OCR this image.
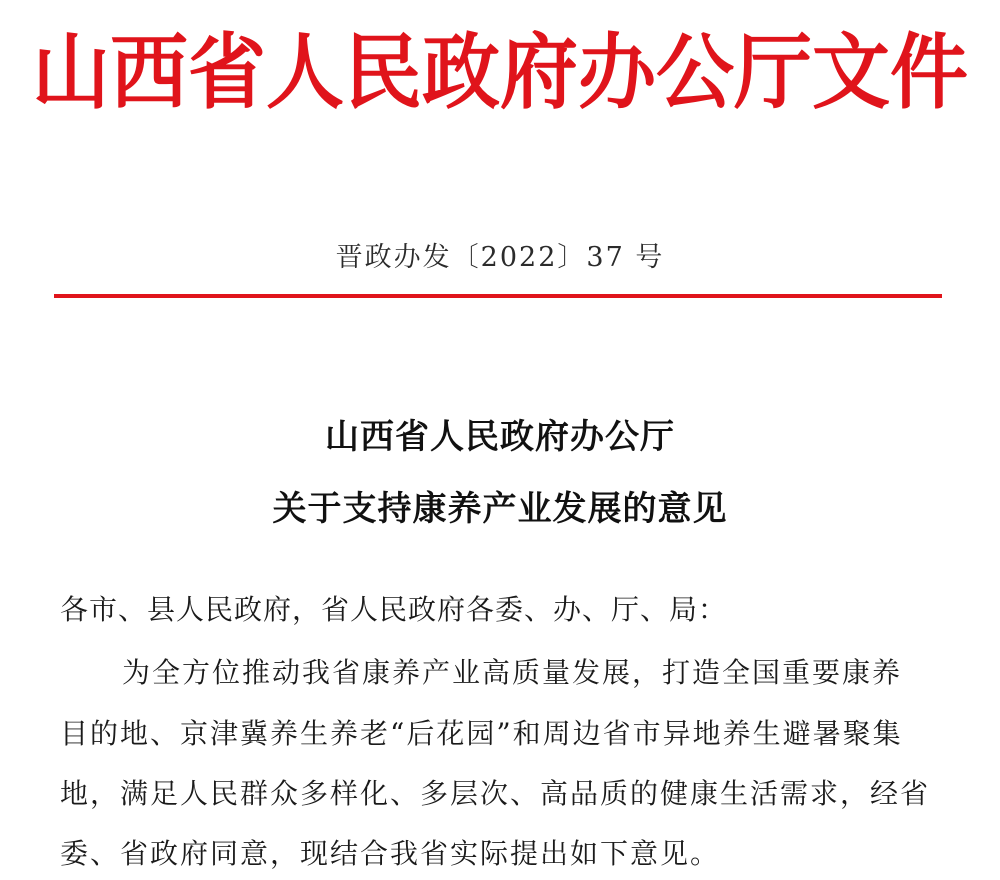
山西省人民政府办公厅文件
晋政办发〔2022〕37 号
山西省人民政府办公厅
关于支持康养产业发展的意见
各市、县人民政府，省人民政府各委、办、厅、局：
为全方位推动我省康养产业高质量发展，打造全国重要康养
目的地、京津冀养生养老“后花园”和周边省市异地养生避暑聚集
地，满足人民群众多样化、多层次、高品质的健康生活需求，经省
委、省政府同意，现结合我省实际提出如下意见。
